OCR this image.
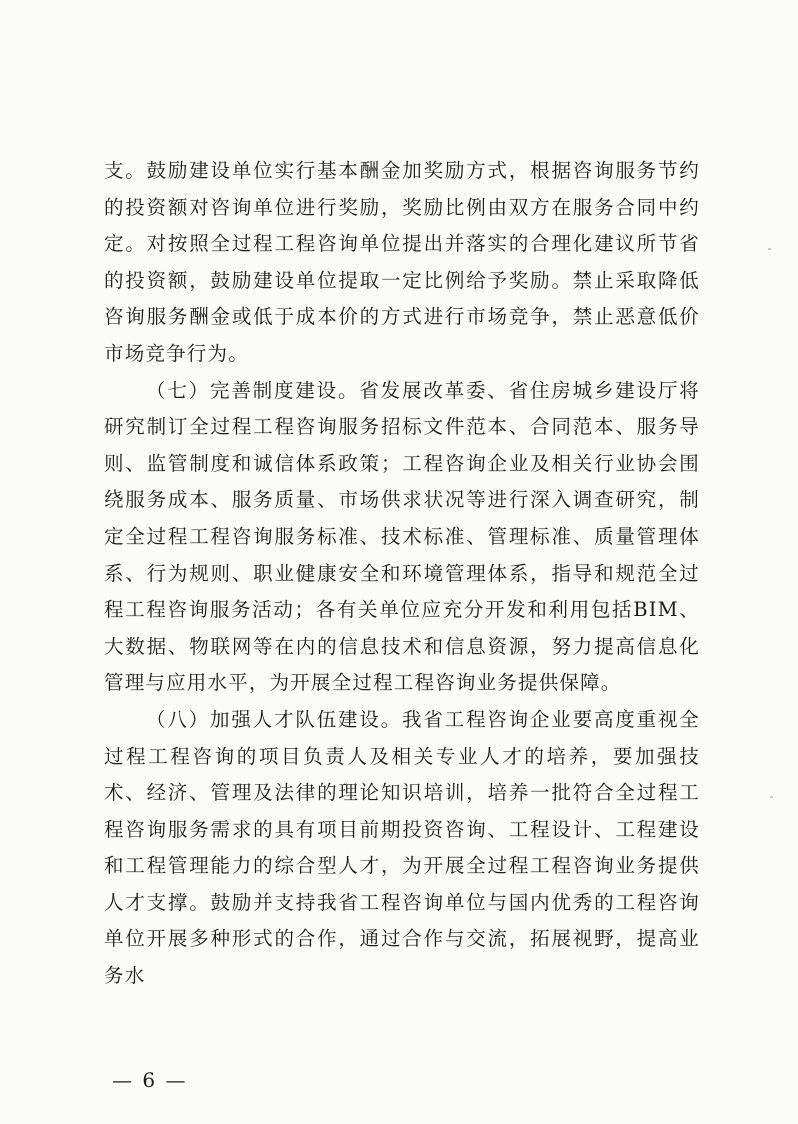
支。鼓励建设单位实行基本酬金加奖励方式，根据咨询服务节约的投资额对咨询单位进行奖励，奖励比例由双方在服务合同中约定。对按照全过程工程咨询单位提出并落实的合理化建议所节省的投资额，鼓励建设单位提取一定比例给予奖励。禁止采取降低咨询服务酬金或低于成本价的方式进行市场竞争，禁止恶意低价市场竞争行为。

（七）完善制度建设。省发展改革委、省住房城乡建设厅将研究制订全过程工程咨询服务招标文件范本、合同范本、服务导则、监管制度和诚信体系政策；工程咨询企业及相关行业协会围绕服务成本、服务质量、市场供求状况等进行深入调查研究，制定全过程工程咨询服务标准、技术标准、管理标准、质量管理体系、行为规则、职业健康安全和环境管理体系，指导和规范全过程工程咨询服务活动；各有关单位应充分开发和利用包括BIM、大数据、物联网等在内的信息技术和信息资源，努力提高信息化管理与应用水平，为开展全过程工程咨询业务提供保障。

（八）加强人才队伍建设。我省工程咨询企业要高度重视全过程工程咨询的项目负责人及相关专业人才的培养，要加强技术、经济、管理及法律的理论知识培训，培养一批符合全过程工程咨询服务需求的具有项目前期投资咨询、工程设计、工程建设和工程管理能力的综合型人才，为开展全过程工程咨询业务提供人才支撑。鼓励并支持我省工程咨询单位与国内优秀的工程咨询单位开展多种形式的合作，通过合作与交流，拓展视野，提高业务水

— 6 —
